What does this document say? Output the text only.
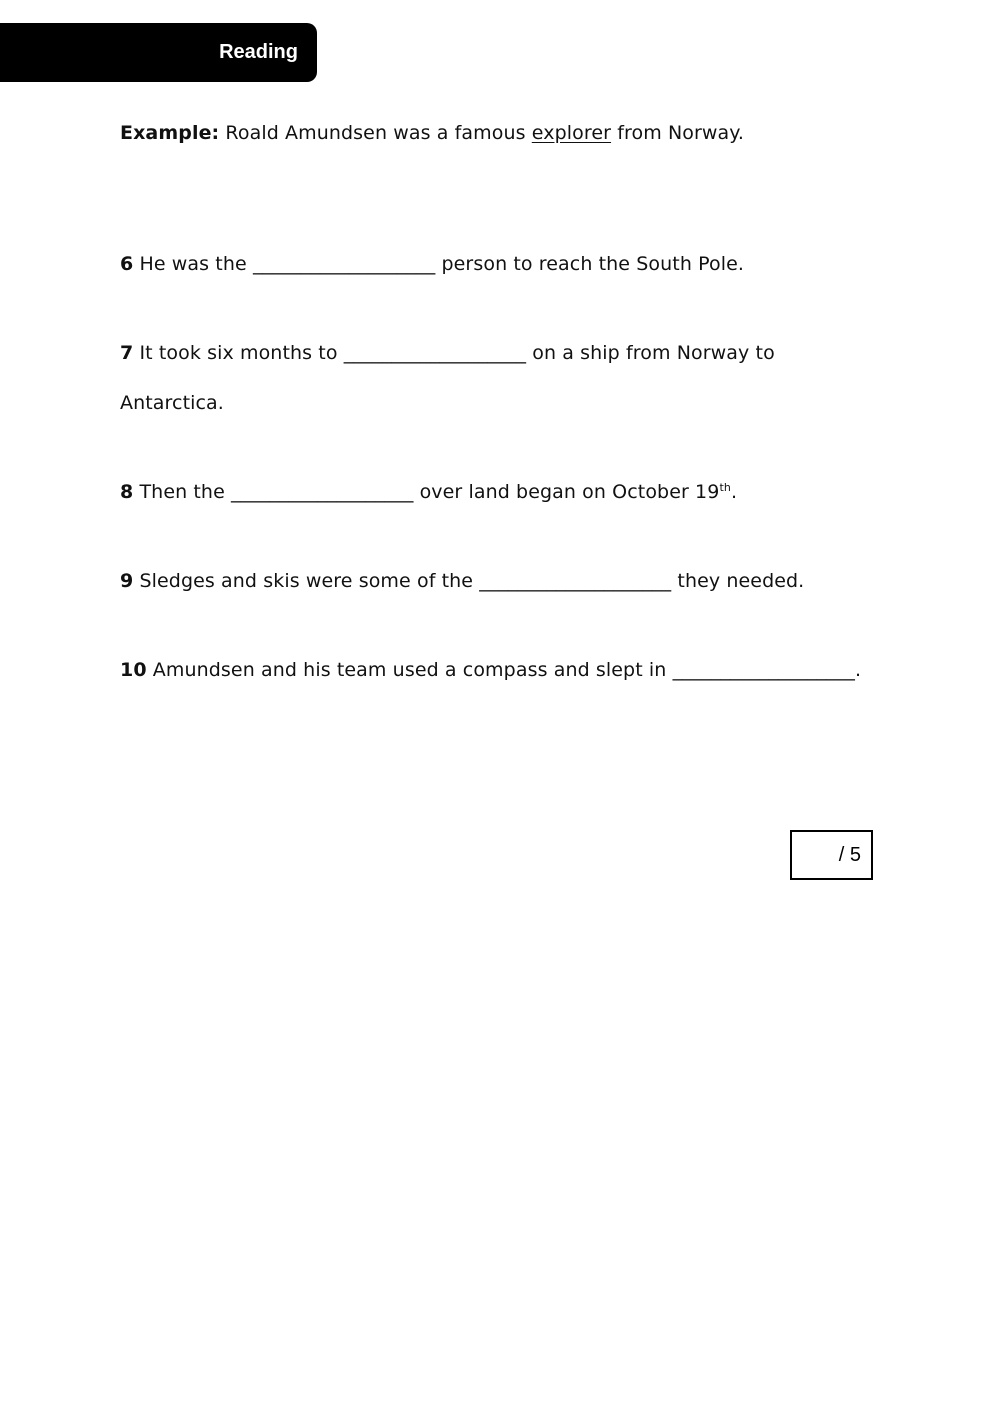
Reading
Example: Roald Amundsen was a famous explorer from Norway.
6 He was the ___________________ person to reach the South Pole.
7 It took six months to ___________________ on a ship from Norway to
Antarctica.
8 Then the ___________________ over land began on October 19th.
9 Sledges and skis were some of the ____________________ they needed.
10 Amundsen and his team used a compass and slept in ___________________.
/ 5
